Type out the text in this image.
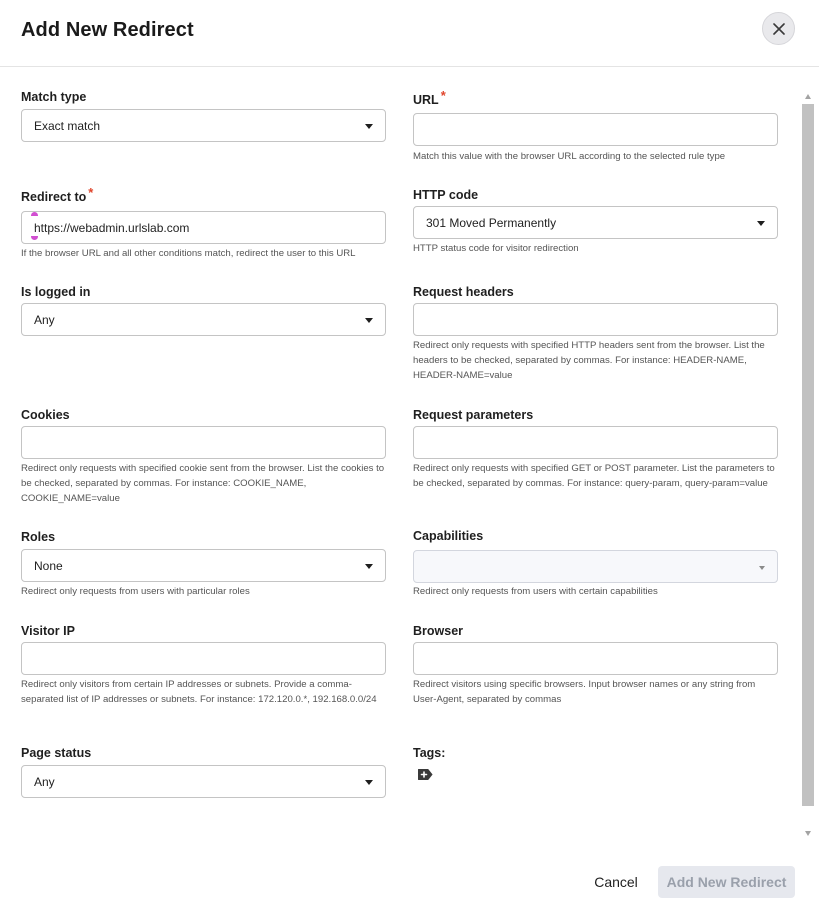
Add New Redirect
Match type
Exact match
URL *
Match this value with the browser URL according to the selected rule type
Redirect to *
https://webadmin.urlslab.com
If the browser URL and all other conditions match, redirect the user to this URL
HTTP code
301 Moved Permanently
HTTP status code for visitor redirection
Is logged in
Any
Request headers
Redirect only requests with specified HTTP headers sent from the browser. List the headers to be checked, separated by commas. For instance: HEADER-NAME, HEADER-NAME=value
Cookies
Redirect only requests with specified cookie sent from the browser. List the cookies to be checked, separated by commas. For instance: COOKIE_NAME, COOKIE_NAME=value
Request parameters
Redirect only requests with specified GET or POST parameter. List the parameters to be checked, separated by commas. For instance: query-param, query-param=value
Roles
None
Redirect only requests from users with particular roles
Capabilities
Redirect only requests from users with certain capabilities
Visitor IP
Redirect only visitors from certain IP addresses or subnets. Provide a comma-separated list of IP addresses or subnets. For instance: 172.120.0.*, 192.168.0.0/24
Browser
Redirect visitors using specific browsers. Input browser names or any string from User-Agent, separated by commas
Page status
Any
Tags:
Cancel	Add New Redirect
